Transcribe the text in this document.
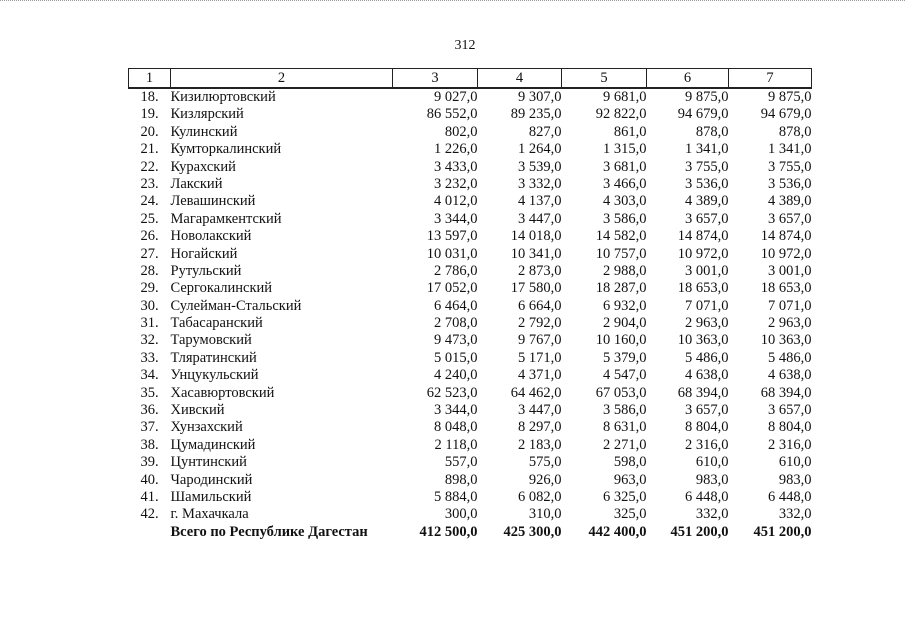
312
1	2	3	4	5	6	7
18.	Кизилюртовский	9 027,0	9 307,0	9 681,0	9 875,0	9 875,0
19.	Кизлярский	86 552,0	89 235,0	92 822,0	94 679,0	94 679,0
20.	Кулинский	802,0	827,0	861,0	878,0	878,0
21.	Кумторкалинский	1 226,0	1 264,0	1 315,0	1 341,0	1 341,0
22.	Курахский	3 433,0	3 539,0	3 681,0	3 755,0	3 755,0
23.	Лакский	3 232,0	3 332,0	3 466,0	3 536,0	3 536,0
24.	Левашинский	4 012,0	4 137,0	4 303,0	4 389,0	4 389,0
25.	Магарамкентский	3 344,0	3 447,0	3 586,0	3 657,0	3 657,0
26.	Новолакский	13 597,0	14 018,0	14 582,0	14 874,0	14 874,0
27.	Ногайский	10 031,0	10 341,0	10 757,0	10 972,0	10 972,0
28.	Рутульский	2 786,0	2 873,0	2 988,0	3 001,0	3 001,0
29.	Сергокалинский	17 052,0	17 580,0	18 287,0	18 653,0	18 653,0
30.	Сулейман-Стальский	6 464,0	6 664,0	6 932,0	7 071,0	7 071,0
31.	Табасаранский	2 708,0	2 792,0	2 904,0	2 963,0	2 963,0
32.	Тарумовский	9 473,0	9 767,0	10 160,0	10 363,0	10 363,0
33.	Тляратинский	5 015,0	5 171,0	5 379,0	5 486,0	5 486,0
34.	Унцукульский	4 240,0	4 371,0	4 547,0	4 638,0	4 638,0
35.	Хасавюртовский	62 523,0	64 462,0	67 053,0	68 394,0	68 394,0
36.	Хивский	3 344,0	3 447,0	3 586,0	3 657,0	3 657,0
37.	Хунзахский	8 048,0	8 297,0	8 631,0	8 804,0	8 804,0
38.	Цумадинский	2 118,0	2 183,0	2 271,0	2 316,0	2 316,0
39.	Цунтинский	557,0	575,0	598,0	610,0	610,0
40.	Чародинский	898,0	926,0	963,0	983,0	983,0
41.	Шамильский	5 884,0	6 082,0	6 325,0	6 448,0	6 448,0
42.	г. Махачкала	300,0	310,0	325,0	332,0	332,0
	Всего по Республике Дагестан	412 500,0	425 300,0	442 400,0	451 200,0	451 200,0
